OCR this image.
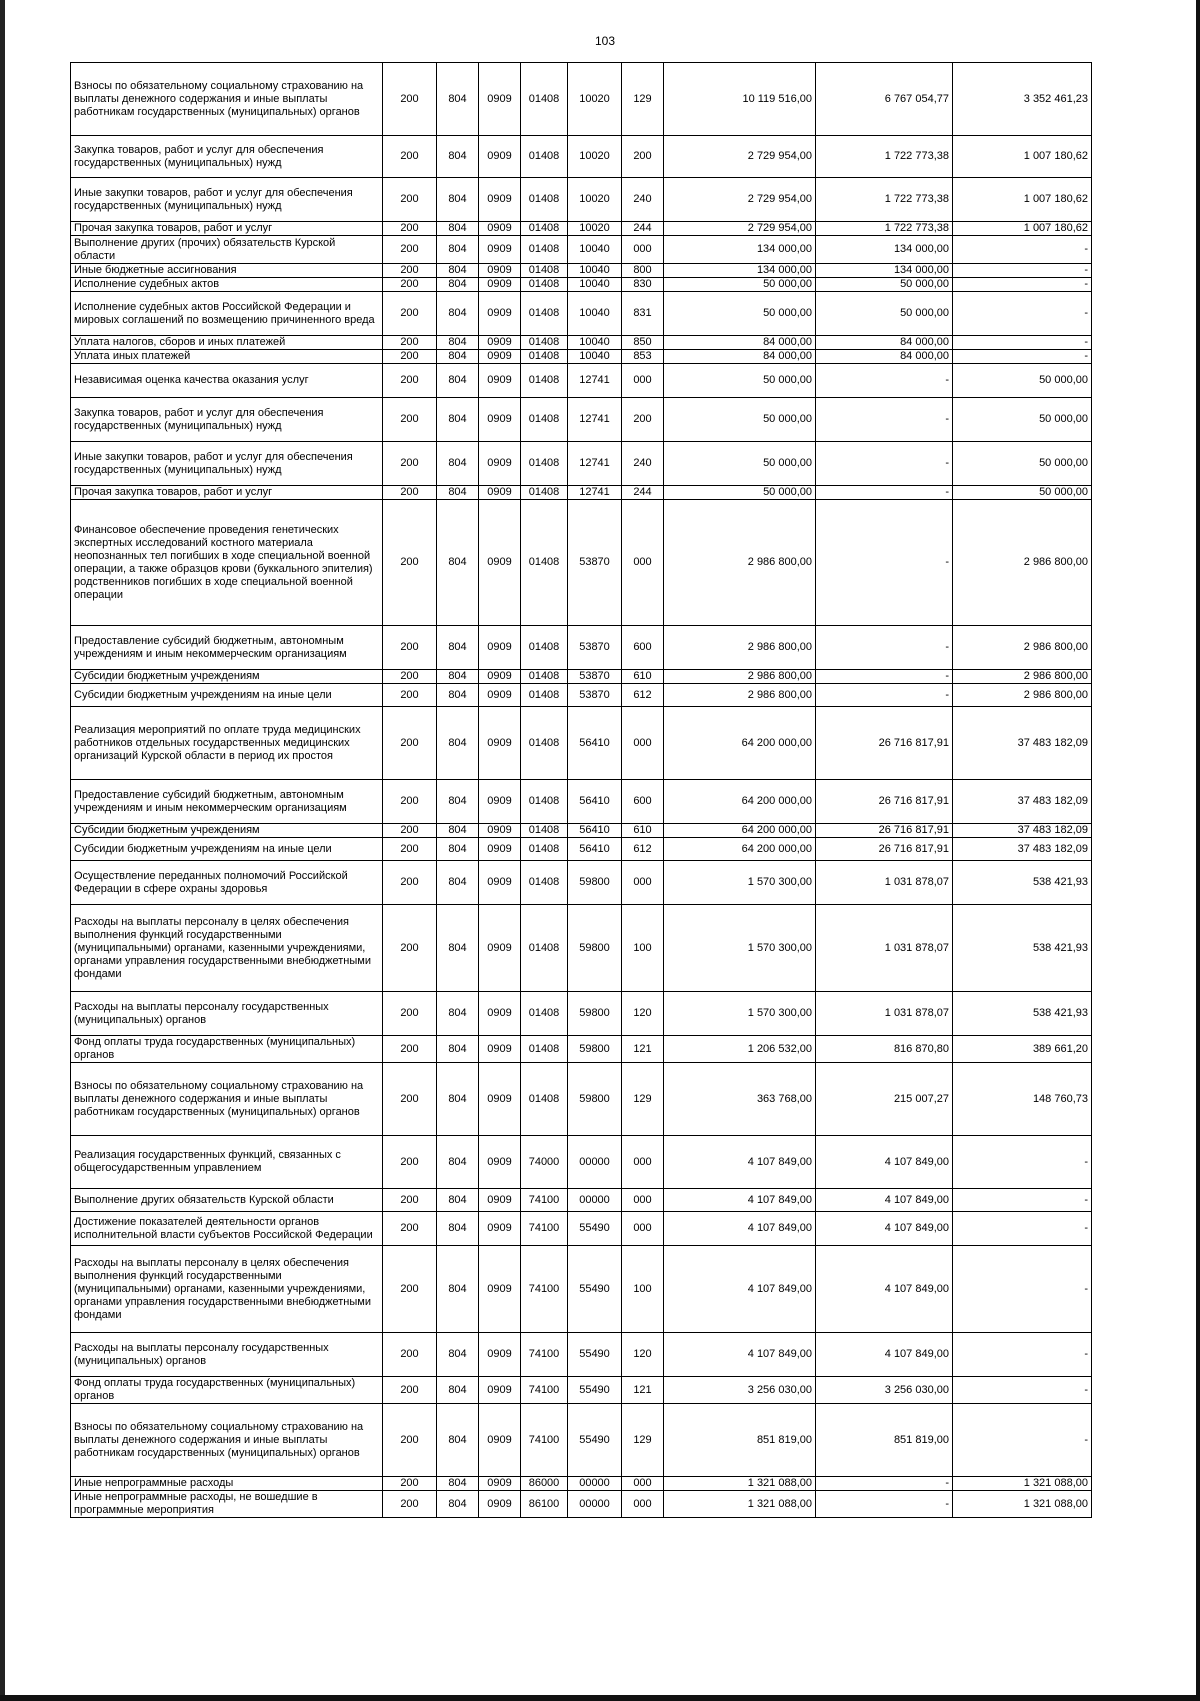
103
Взносы по обязательному социальному страхованию на выплаты денежного содержания и иные выплаты работникам государственных (муниципальных) органов	200	804	0909	01408	10020	129	10 119 516,00	6 767 054,77	3 352 461,23
Закупка товаров, работ и услуг для обеспечения государственных (муниципальных) нужд	200	804	0909	01408	10020	200	2 729 954,00	1 722 773,38	1 007 180,62
Иные закупки товаров, работ и услуг для обеспечения государственных (муниципальных) нужд	200	804	0909	01408	10020	240	2 729 954,00	1 722 773,38	1 007 180,62
Прочая закупка товаров, работ и услуг	200	804	0909	01408	10020	244	2 729 954,00	1 722 773,38	1 007 180,62
Выполнение других (прочих) обязательств Курской области	200	804	0909	01408	10040	000	134 000,00	134 000,00	-
Иные бюджетные ассигнования	200	804	0909	01408	10040	800	134 000,00	134 000,00	-
Исполнение судебных актов	200	804	0909	01408	10040	830	50 000,00	50 000,00	-
Исполнение судебных актов Российской Федерации и мировых соглашений по возмещению причиненного вреда	200	804	0909	01408	10040	831	50 000,00	50 000,00	-
Уплата налогов, сборов и иных платежей	200	804	0909	01408	10040	850	84 000,00	84 000,00	-
Уплата иных платежей	200	804	0909	01408	10040	853	84 000,00	84 000,00	-
Независимая оценка качества оказания услуг	200	804	0909	01408	12741	000	50 000,00	-	50 000,00
Закупка товаров, работ и услуг для обеспечения государственных (муниципальных) нужд	200	804	0909	01408	12741	200	50 000,00	-	50 000,00
Иные закупки товаров, работ и услуг для обеспечения государственных (муниципальных) нужд	200	804	0909	01408	12741	240	50 000,00	-	50 000,00
Прочая закупка товаров, работ и услуг	200	804	0909	01408	12741	244	50 000,00	-	50 000,00
Финансовое обеспечение проведения генетических экспертных исследований костного материала неопознанных тел погибших в ходе специальной военной операции, а также образцов крови (буккального эпителия) родственников погибших в ходе специальной военной операции	200	804	0909	01408	53870	000	2 986 800,00	-	2 986 800,00
Предоставление субсидий бюджетным, автономным учреждениям и иным некоммерческим организациям	200	804	0909	01408	53870	600	2 986 800,00	-	2 986 800,00
Субсидии бюджетным учреждениям	200	804	0909	01408	53870	610	2 986 800,00	-	2 986 800,00
Субсидии бюджетным учреждениям на иные цели	200	804	0909	01408	53870	612	2 986 800,00	-	2 986 800,00
Реализация мероприятий по оплате труда медицинских работников отдельных государственных медицинских организаций Курской области в период их простоя	200	804	0909	01408	56410	000	64 200 000,00	26 716 817,91	37 483 182,09
Предоставление субсидий бюджетным, автономным учреждениям и иным некоммерческим организациям	200	804	0909	01408	56410	600	64 200 000,00	26 716 817,91	37 483 182,09
Субсидии бюджетным учреждениям	200	804	0909	01408	56410	610	64 200 000,00	26 716 817,91	37 483 182,09
Субсидии бюджетным учреждениям на иные цели	200	804	0909	01408	56410	612	64 200 000,00	26 716 817,91	37 483 182,09
Осуществление переданных полномочий Российской Федерации в сфере охраны здоровья	200	804	0909	01408	59800	000	1 570 300,00	1 031 878,07	538 421,93
Расходы на выплаты персоналу в целях обеспечения выполнения функций государственными (муниципальными) органами, казенными учреждениями, органами управления государственными внебюджетными фондами	200	804	0909	01408	59800	100	1 570 300,00	1 031 878,07	538 421,93
Расходы на выплаты персоналу государственных (муниципальных) органов	200	804	0909	01408	59800	120	1 570 300,00	1 031 878,07	538 421,93
Фонд оплаты труда государственных (муниципальных) органов	200	804	0909	01408	59800	121	1 206 532,00	816 870,80	389 661,20
Взносы по обязательному социальному страхованию на выплаты денежного содержания и иные выплаты работникам государственных (муниципальных) органов	200	804	0909	01408	59800	129	363 768,00	215 007,27	148 760,73
Реализация государственных функций, связанных с общегосударственным управлением	200	804	0909	74000	00000	000	4 107 849,00	4 107 849,00	-
Выполнение других обязательств Курской области	200	804	0909	74100	00000	000	4 107 849,00	4 107 849,00	-
Достижение показателей деятельности органов исполнительной власти субъектов Российской Федерации	200	804	0909	74100	55490	000	4 107 849,00	4 107 849,00	-
Расходы на выплаты персоналу в целях обеспечения выполнения функций государственными (муниципальными) органами, казенными учреждениями, органами управления государственными внебюджетными фондами	200	804	0909	74100	55490	100	4 107 849,00	4 107 849,00	-
Расходы на выплаты персоналу государственных (муниципальных) органов	200	804	0909	74100	55490	120	4 107 849,00	4 107 849,00	-
Фонд оплаты труда государственных (муниципальных) органов	200	804	0909	74100	55490	121	3 256 030,00	3 256 030,00	-
Взносы по обязательному социальному страхованию на выплаты денежного содержания и иные выплаты работникам государственных (муниципальных) органов	200	804	0909	74100	55490	129	851 819,00	851 819,00	-
Иные непрограммные расходы	200	804	0909	86000	00000	000	1 321 088,00	-	1 321 088,00
Иные непрограммные расходы, не вошедшие в программные мероприятия	200	804	0909	86100	00000	000	1 321 088,00	-	1 321 088,00
